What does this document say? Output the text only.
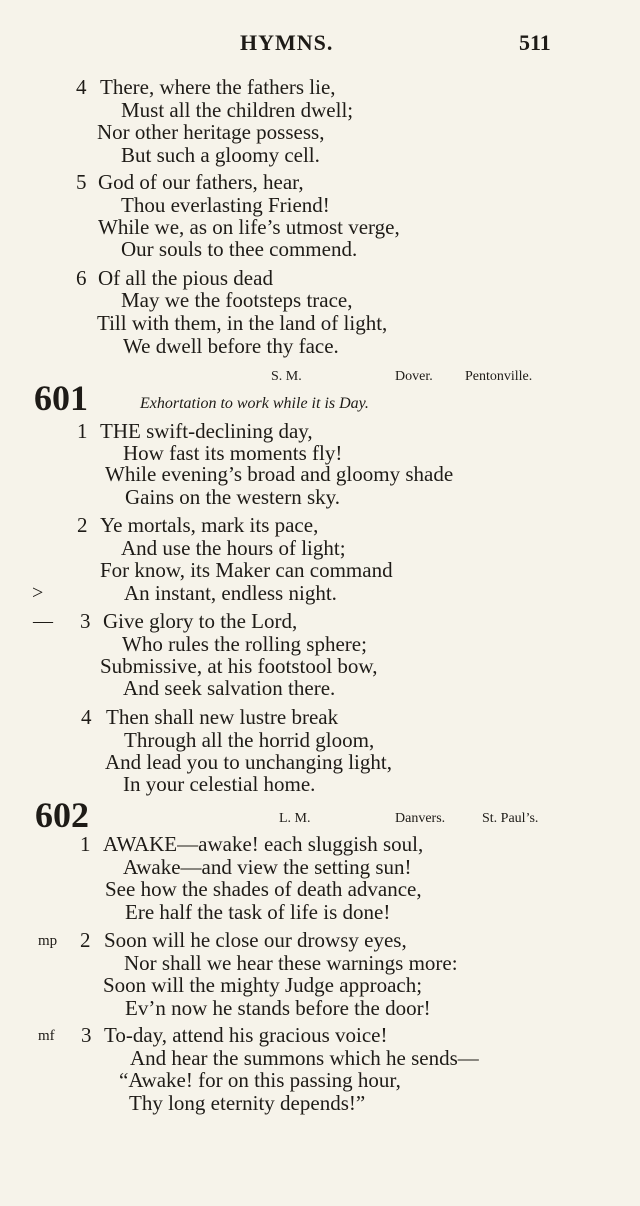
HYMNS.	511
4 There, where the fathers lie,
Must all the children dwell;
Nor other heritage possess,
But such a gloomy cell.
5 God of our fathers, hear,
Thou everlasting Friend!
While we, as on life’s utmost verge,
Our souls to thee commend.
6 Of all the pious dead
May we the footsteps trace,
Till with them, in the land of light,
We dwell before thy face.
601
S. M.	Dover. Pentonville.
Exhortation to work while it is Day.
1 THE swift-declining day,
How fast its moments fly!
While evening’s broad and gloomy shade
Gains on the western sky.
2 Ye mortals, mark its pace,
And use the hours of light;
For know, its Maker can command
>	An instant, endless night.
— 3 Give glory to the Lord,
Who rules the rolling sphere;
Submissive, at his footstool bow,
And seek salvation there.
4 Then shall new lustre break
Through all the horrid gloom,
And lead you to unchanging light,
In your celestial home.
602	L. M.	Danvers.	St. Paul’s.
1 AWAKE—awake! each sluggish soul,
Awake—and view the setting sun!
See how the shades of death advance,
Ere half the task of life is done!
mp 2 Soon will he close our drowsy eyes,
Nor shall we hear these warnings more:
Soon will the mighty Judge approach;
Ev’n now he stands before the door!
mf 3 To-day, attend his gracious voice!
And hear the summons which he sends—
“Awake! for on this passing hour,
Thy long eternity depends!”
